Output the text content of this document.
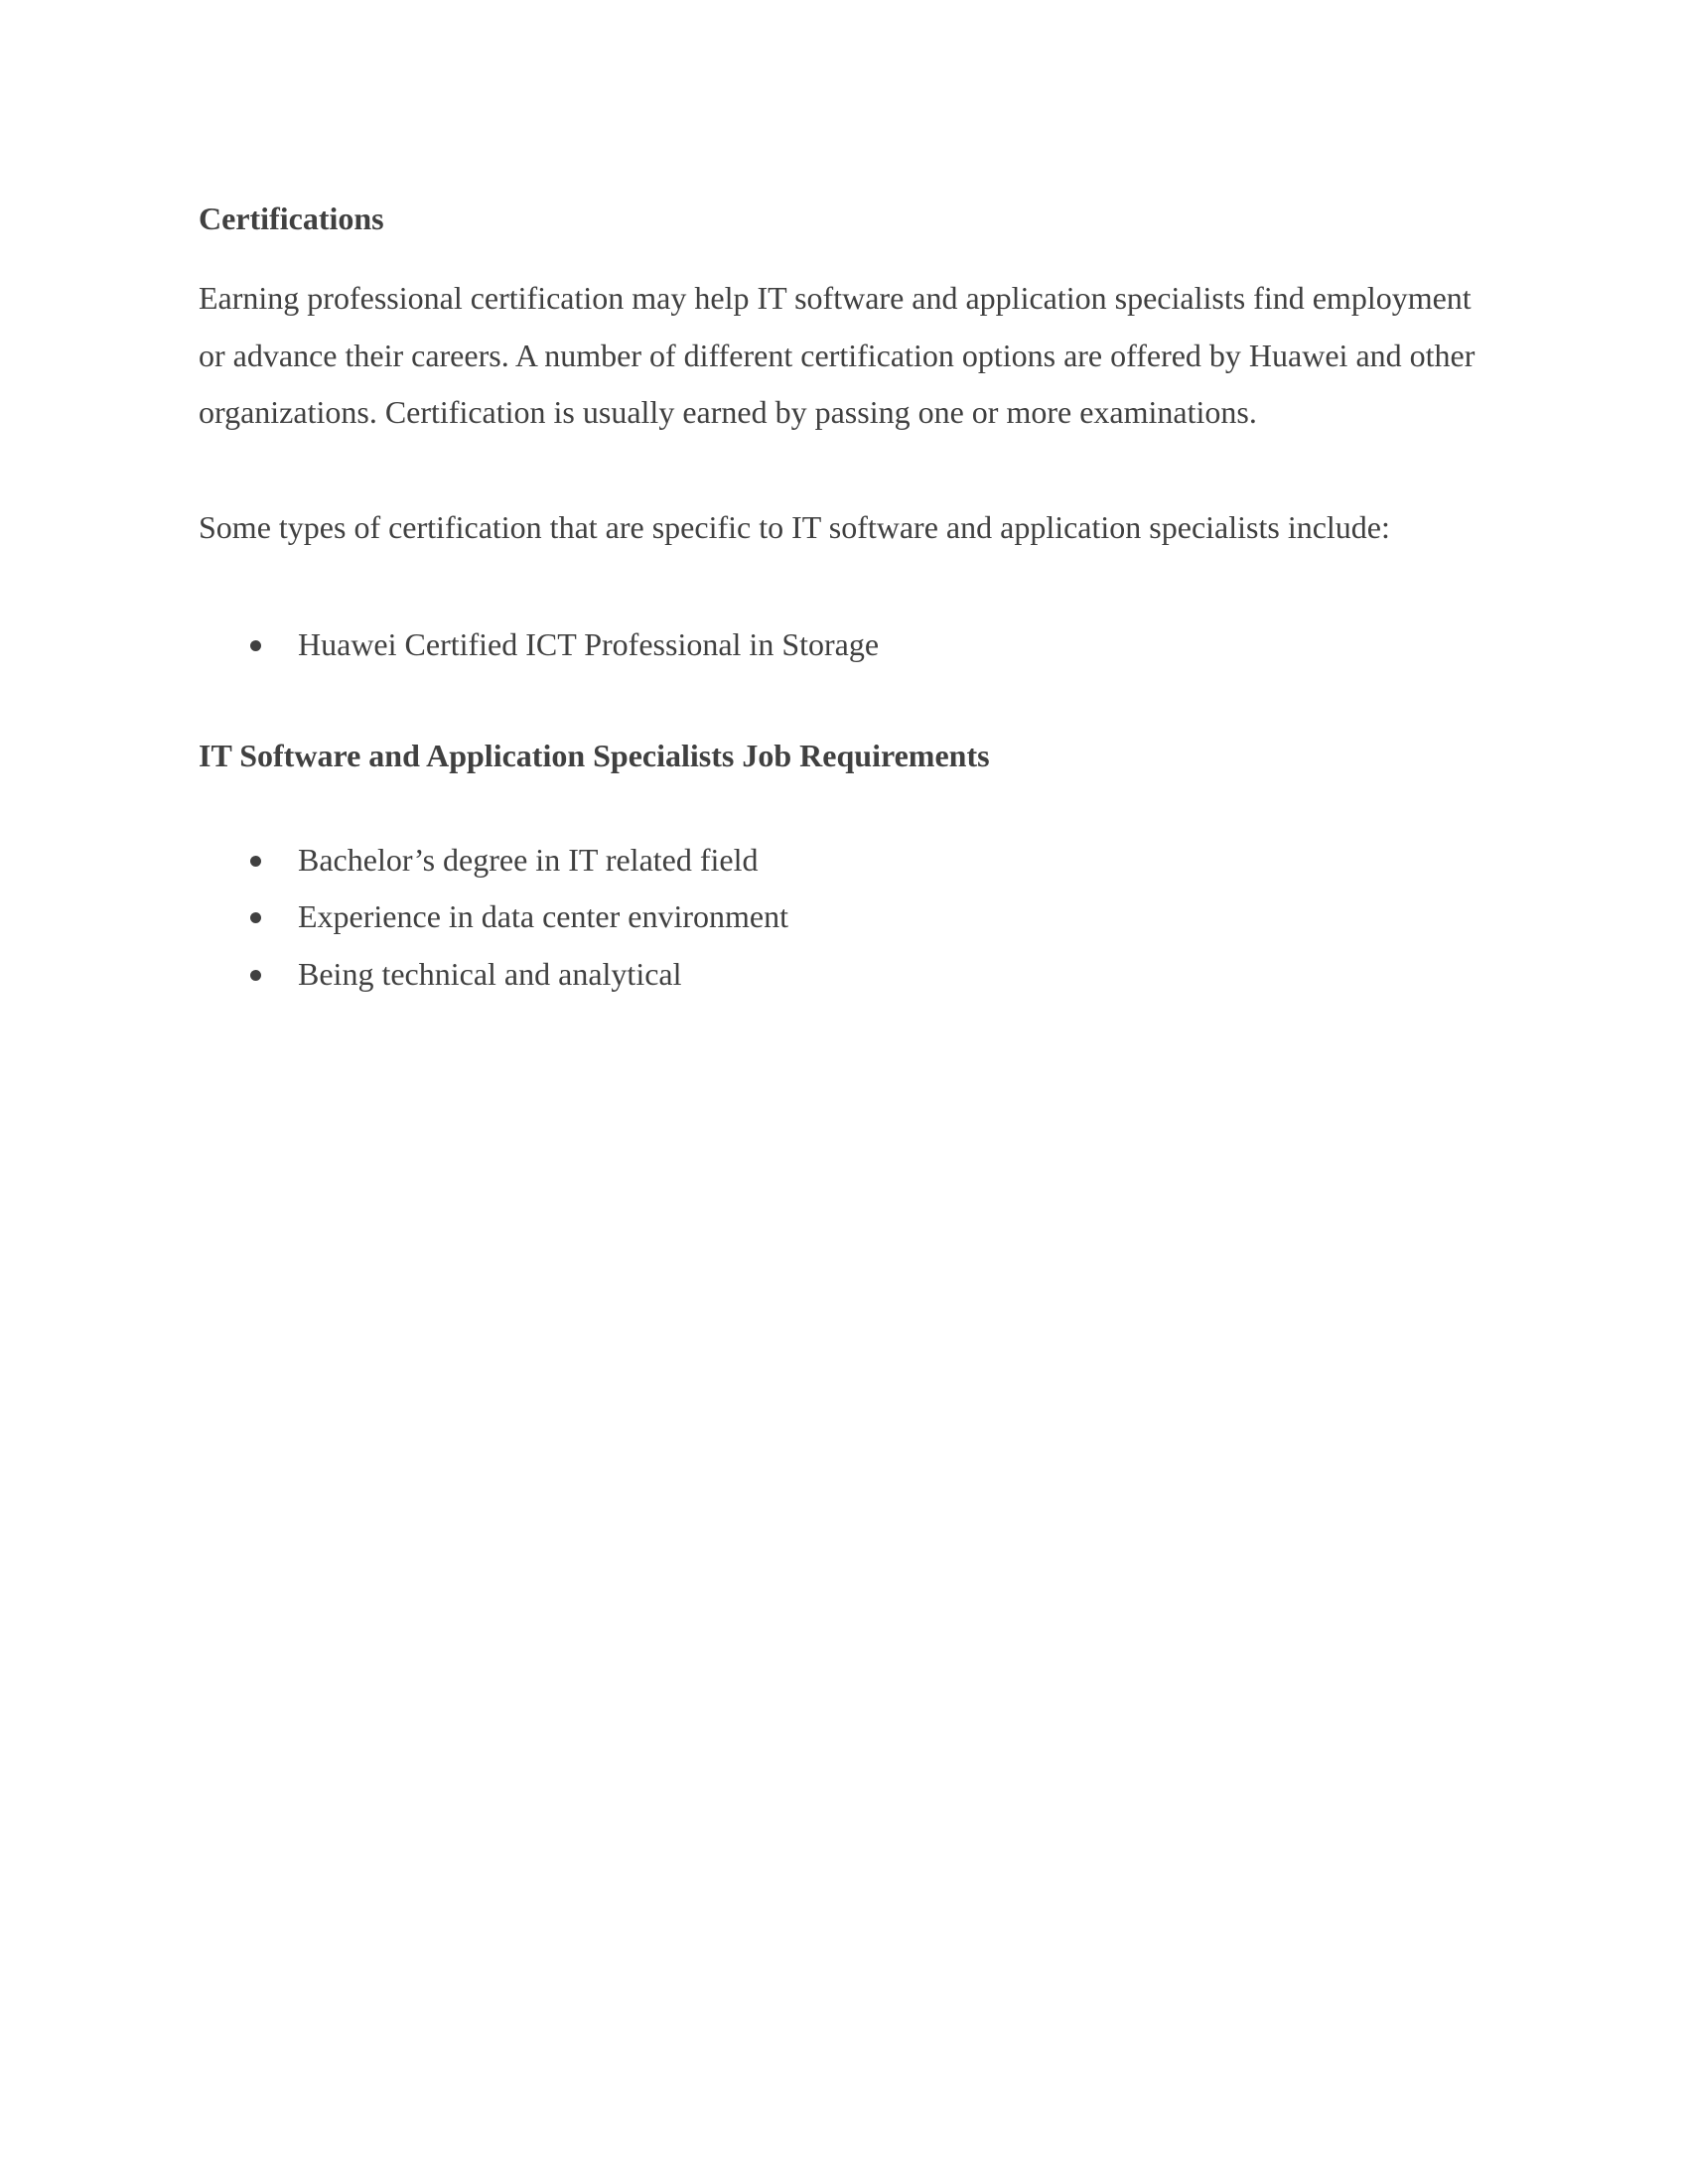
Certifications

Earning professional certification may help IT software and application specialists find employment or advance their careers. A number of different certification options are offered by Huawei and other organizations. Certification is usually earned by passing one or more examinations.

Some types of certification that are specific to IT software and application specialists include:

Huawei Certified ICT Professional in Storage
IT Software and Application Specialists Job Requirements
Bachelor’s degree in IT related field
Experience in data center environment
Being technical and analytical
